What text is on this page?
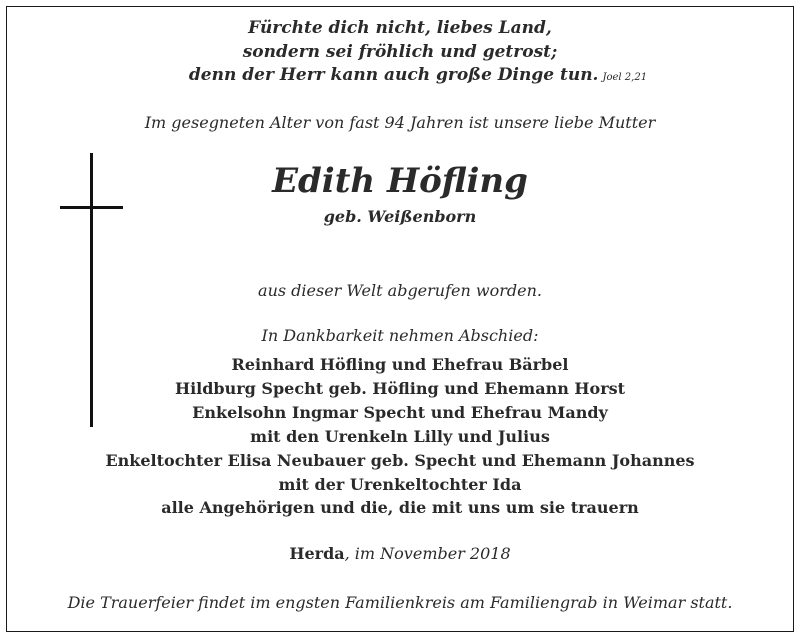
Fürchte dich nicht, liebes Land,
sondern sei fröhlich und getrost;
denn der Herr kann auch große Dinge tun. Joel 2,21
Im gesegneten Alter von fast 94 Jahren ist unsere liebe Mutter
Edith Höfling
geb. Weißenborn
aus dieser Welt abgerufen worden.
In Dankbarkeit nehmen Abschied:
Reinhard Höfling und Ehefrau Bärbel
Hildburg Specht geb. Höfling und Ehemann Horst
Enkelsohn Ingmar Specht und Ehefrau Mandy
mit den Urenkeln Lilly und Julius
Enkeltochter Elisa Neubauer geb. Specht und Ehemann Johannes
mit der Urenkeltochter Ida
alle Angehörigen und die, die mit uns um sie trauern
Herda, im November 2018
Die Trauerfeier findet im engsten Familienkreis am Familiengrab in Weimar statt.
